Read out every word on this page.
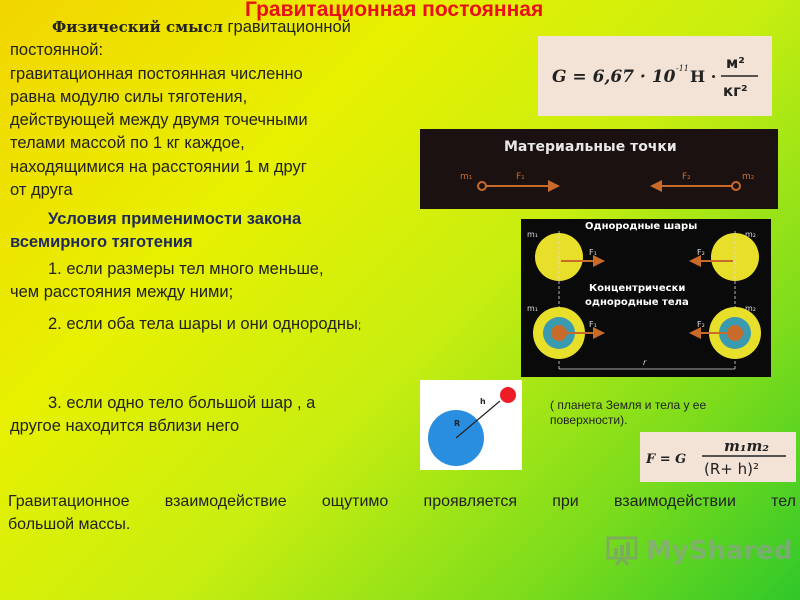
Гравитационная постоянная
Физический смысл гравитационной
постоянной:
гравитационная постоянная численно
равна модулю силы тяготения,
действующей между двумя точечными
телами массой по 1 кг каждое,
находящимися на расстоянии 1 м друг
от друга
Условия применимости закона
всемирного тяготения
1. если размеры тел много меньше,
чем расстояния между ними;
2. если оба тела шары и они однородны;
3. если одно тело большой шар , а
другое находится вблизи него
G = 6,67 · 10 -11 Н ·
м²
кг²
Материальные точки
m₁	F₁	F₂	m₂
Однородные шары
m₁	m₂
F₁	F₂
Концентрически
однородные тела
m₁	m₂
F₁	F₂
r
R
h	( планета Земля и тела у ее поверхности).
F = G
m₁m₂
(R+ h)²
Гравитационное взаимодействие ощутимо проявляется при взаимодействии тел
большой массы.
MyShared
